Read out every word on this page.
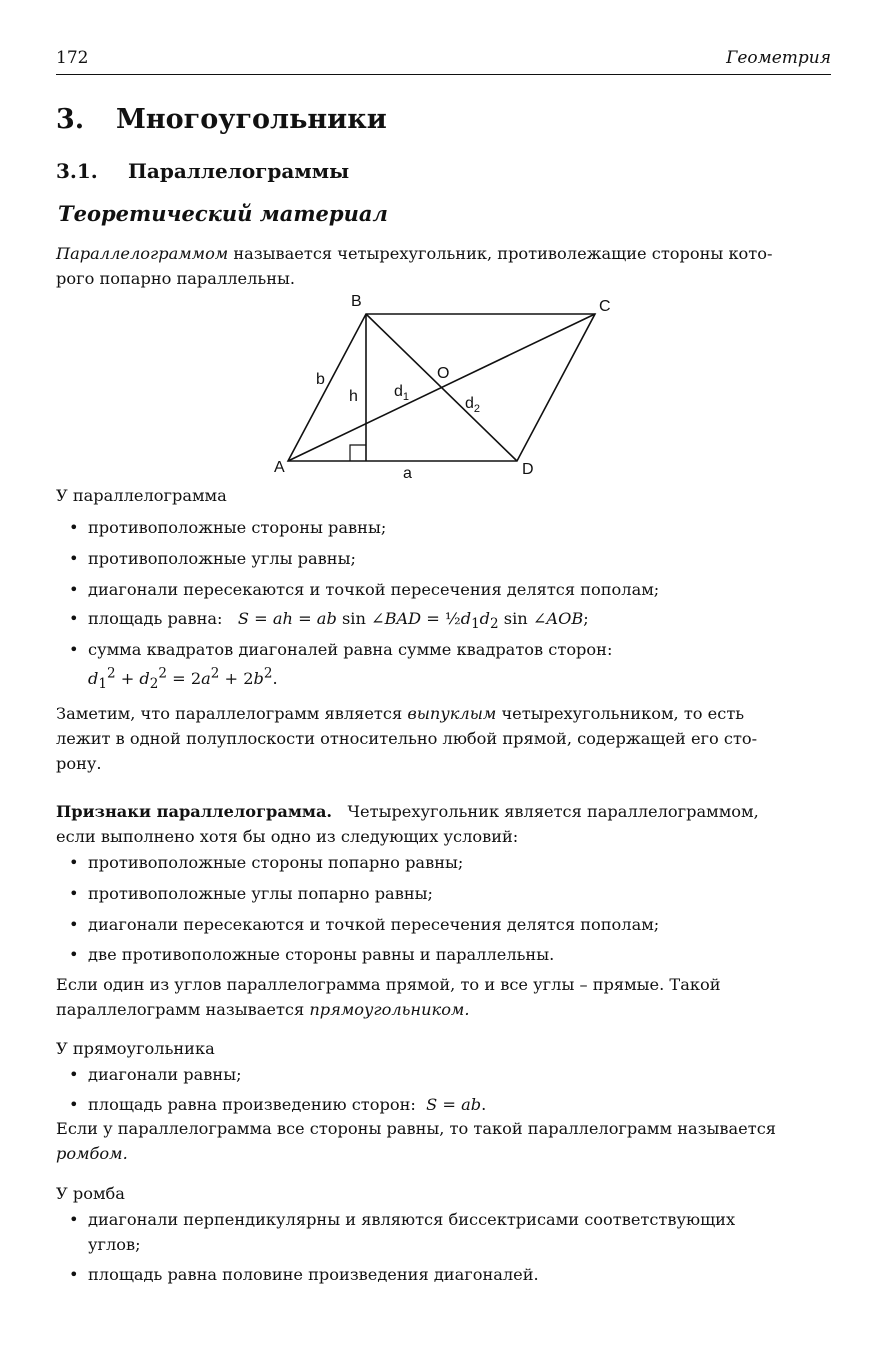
172	Геометрия
3. Многоугольники
3.1. Параллелограммы
Теоретический материал
Параллелограммом называется четырехугольник, противолежащие стороны кото-
рого попарно параллельны.
A
B	C
D
O
a
b
h $d_1$	$d_2$
У параллелограмма
• противоположные стороны равны;
• противоположные углы равны;
• диагонали пересекаются и точкой пересечения делятся пополам;
• площадь равна: S = ah = ab sin ∠BAD = $\frac{1}{2}d_1d_2$ sin ∠AOB;
• сумма квадратов диагоналей равна сумме квадратов сторон:
$d_1^2 + d_2^2 = 2a^2 + 2b^2$.
Заметим, что параллелограмм является выпуклым четырехугольником, то есть
лежит в одной полуплоскости относительно любой прямой, содержащей его сто-
рону.
Признаки параллелограмма. Четырехугольник является параллелограммом,
если выполнено хотя бы одно из следующих условий:
• противоположные стороны попарно равны;
• противоположные углы попарно равны;
• диагонали пересекаются и точкой пересечения делятся пополам;
• две противоположные стороны равны и параллельны.
Если один из углов параллелограмма прямой, то и все углы – прямые. Такой
параллелограмм называется прямоугольником.
У прямоугольника
• диагонали равны;
• площадь равна произведению сторон: S = ab.
Если у параллелограмма все стороны равны, то такой параллелограмм называется
ромбом.
У ромба
• диагонали перпендикулярны и являются биссектрисами соответствующих
углов;
• площадь равна половине произведения диагоналей.
